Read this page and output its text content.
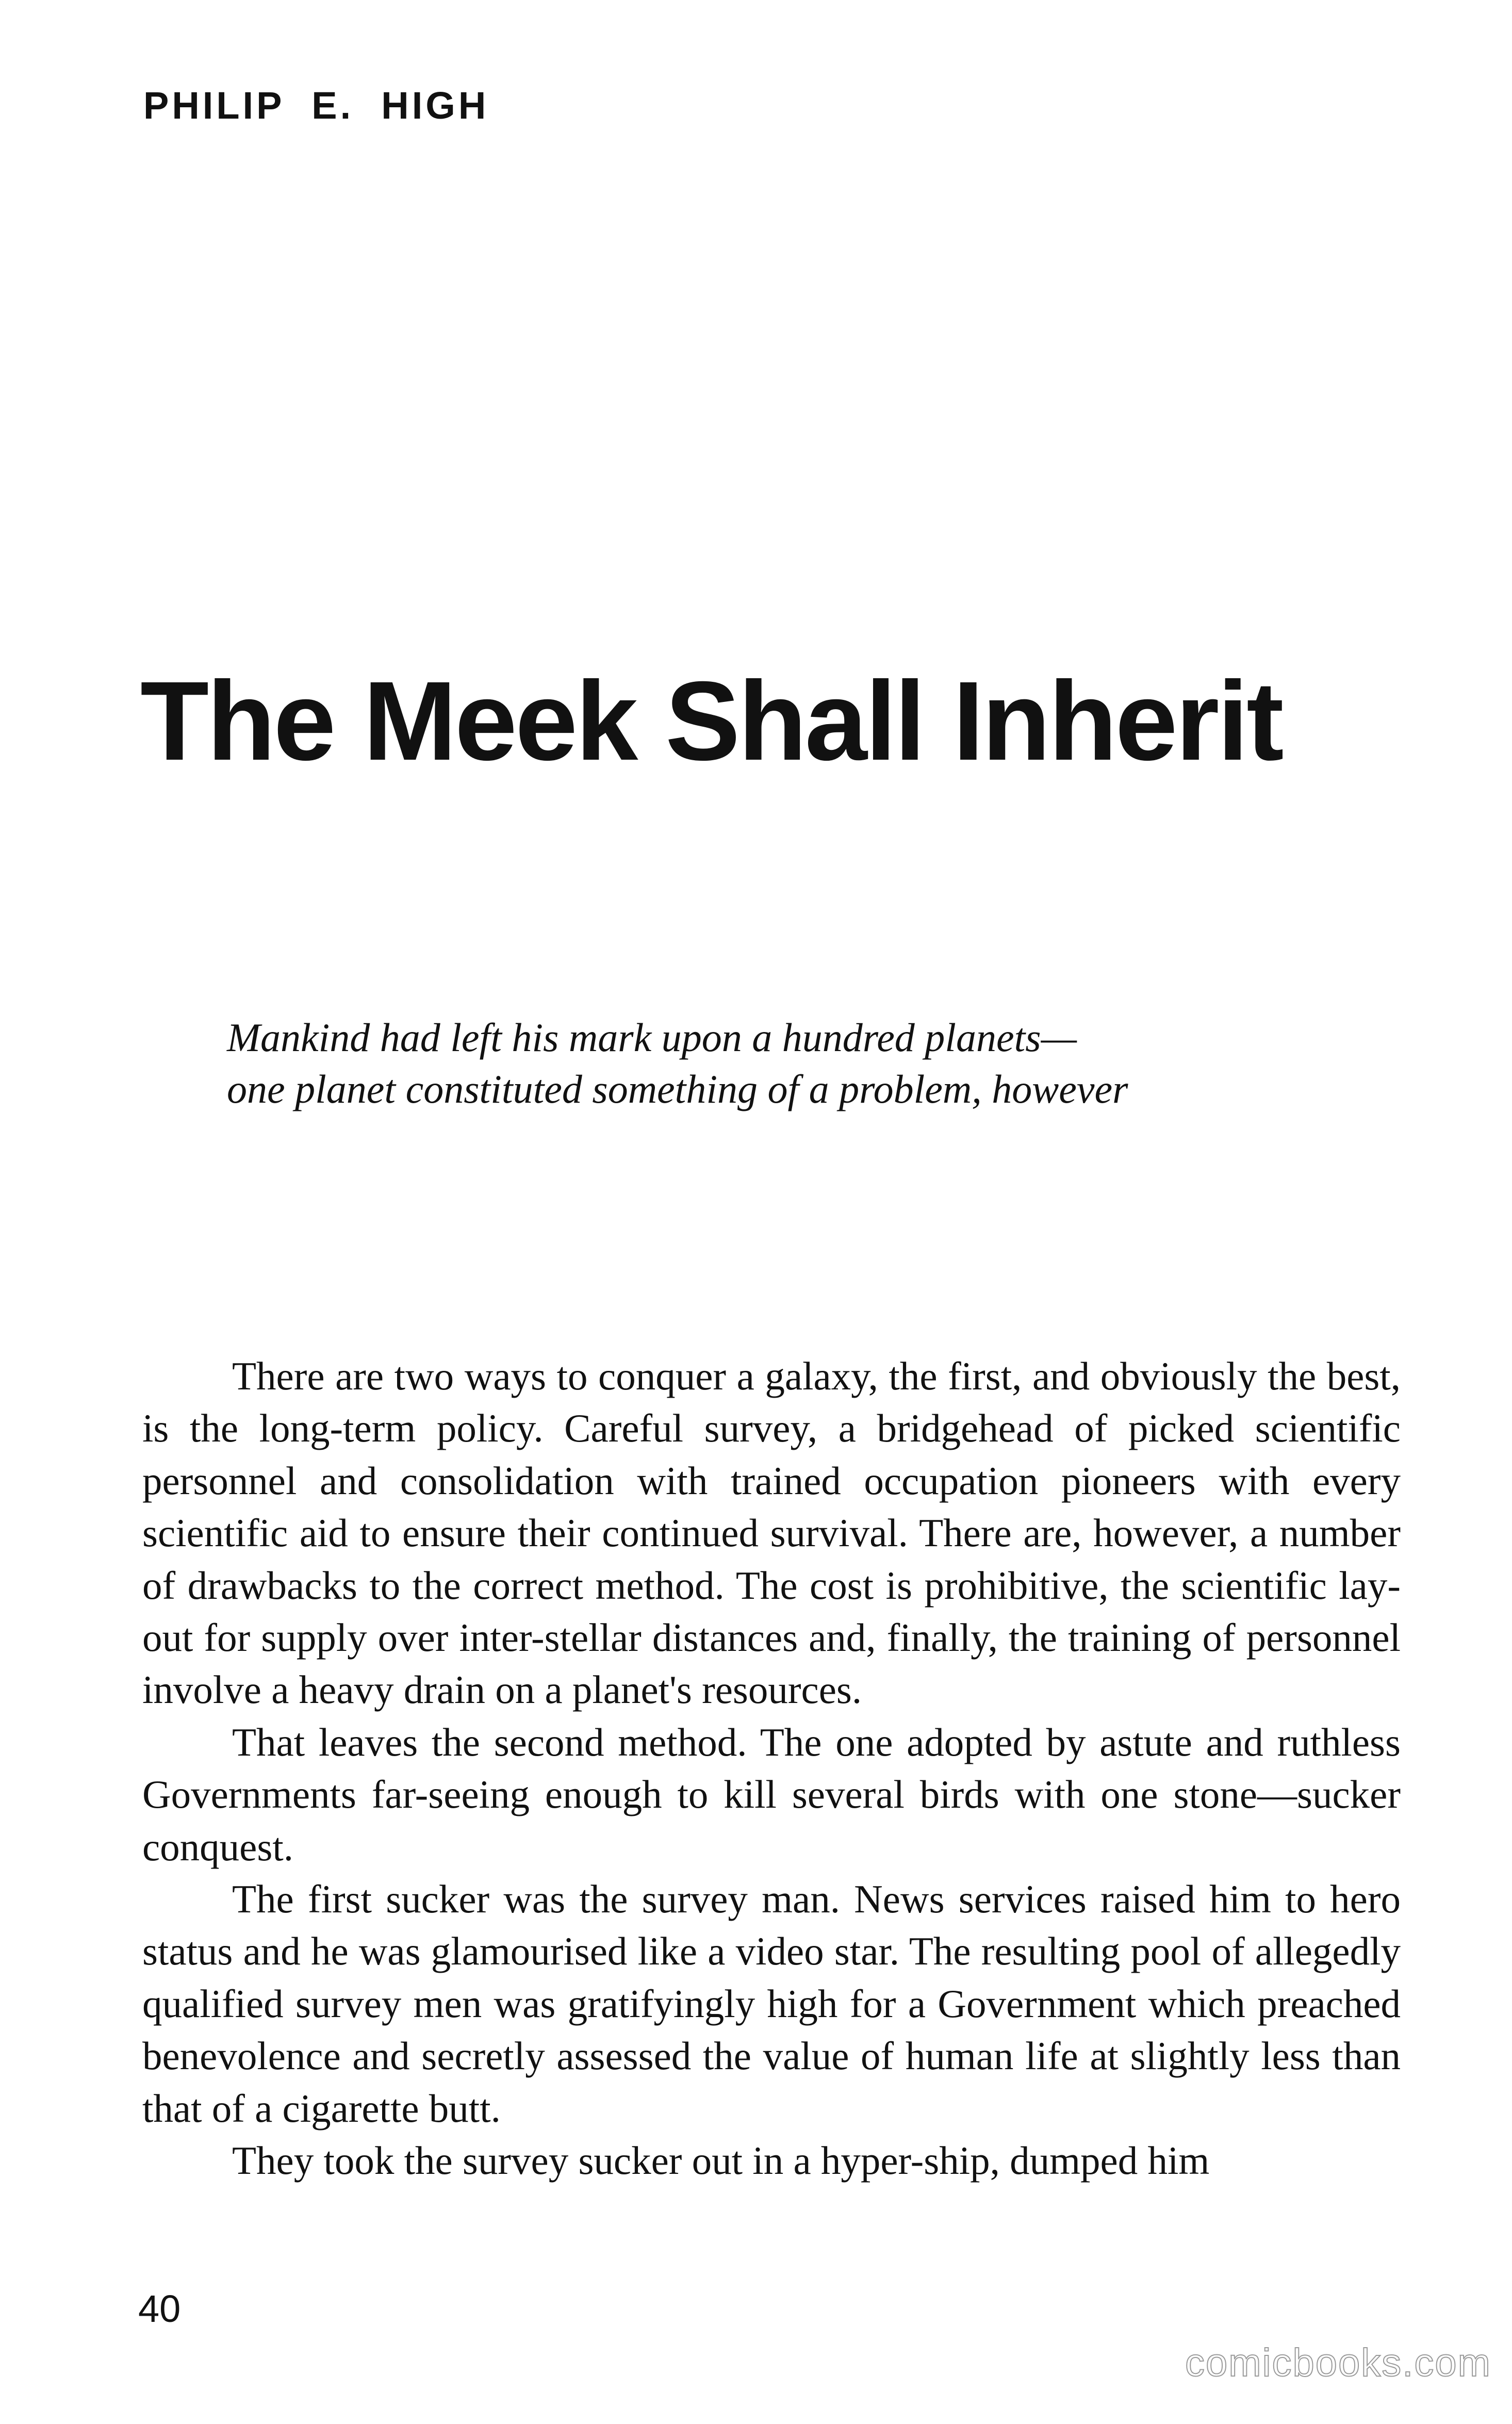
PHILIP  E.  HIGH
The Meek Shall Inherit
Mankind had left his mark upon a hundred planets—
one planet constituted something of a problem, however

There are two ways to conquer a galaxy, the first, and obviously the best, is the long-term policy. Careful survey, a bridgehead of picked scientific personnel and consolidation with trained occupation pioneers with every scientific aid to ensure their continued survival. There are, however, a number of drawbacks to the correct method. The cost is prohibitive, the scientific lay-out for supply over inter-stellar distances and, finally, the training of personnel involve a heavy drain on a planet's resources.

That leaves the second method. The one adopted by astute and ruthless Governments far-seeing enough to kill several birds with one stone—sucker conquest.

The first sucker was the survey man. News services raised him to hero status and he was glamourised like a video star. The resulting pool of allegedly qualified survey men was gratifyingly high for a Government which preached benevolence and secretly assessed the value of human life at slightly less than that of a cigarette butt.

They took the survey sucker out in a hyper-ship, dumped him

40
comicbooks.com
